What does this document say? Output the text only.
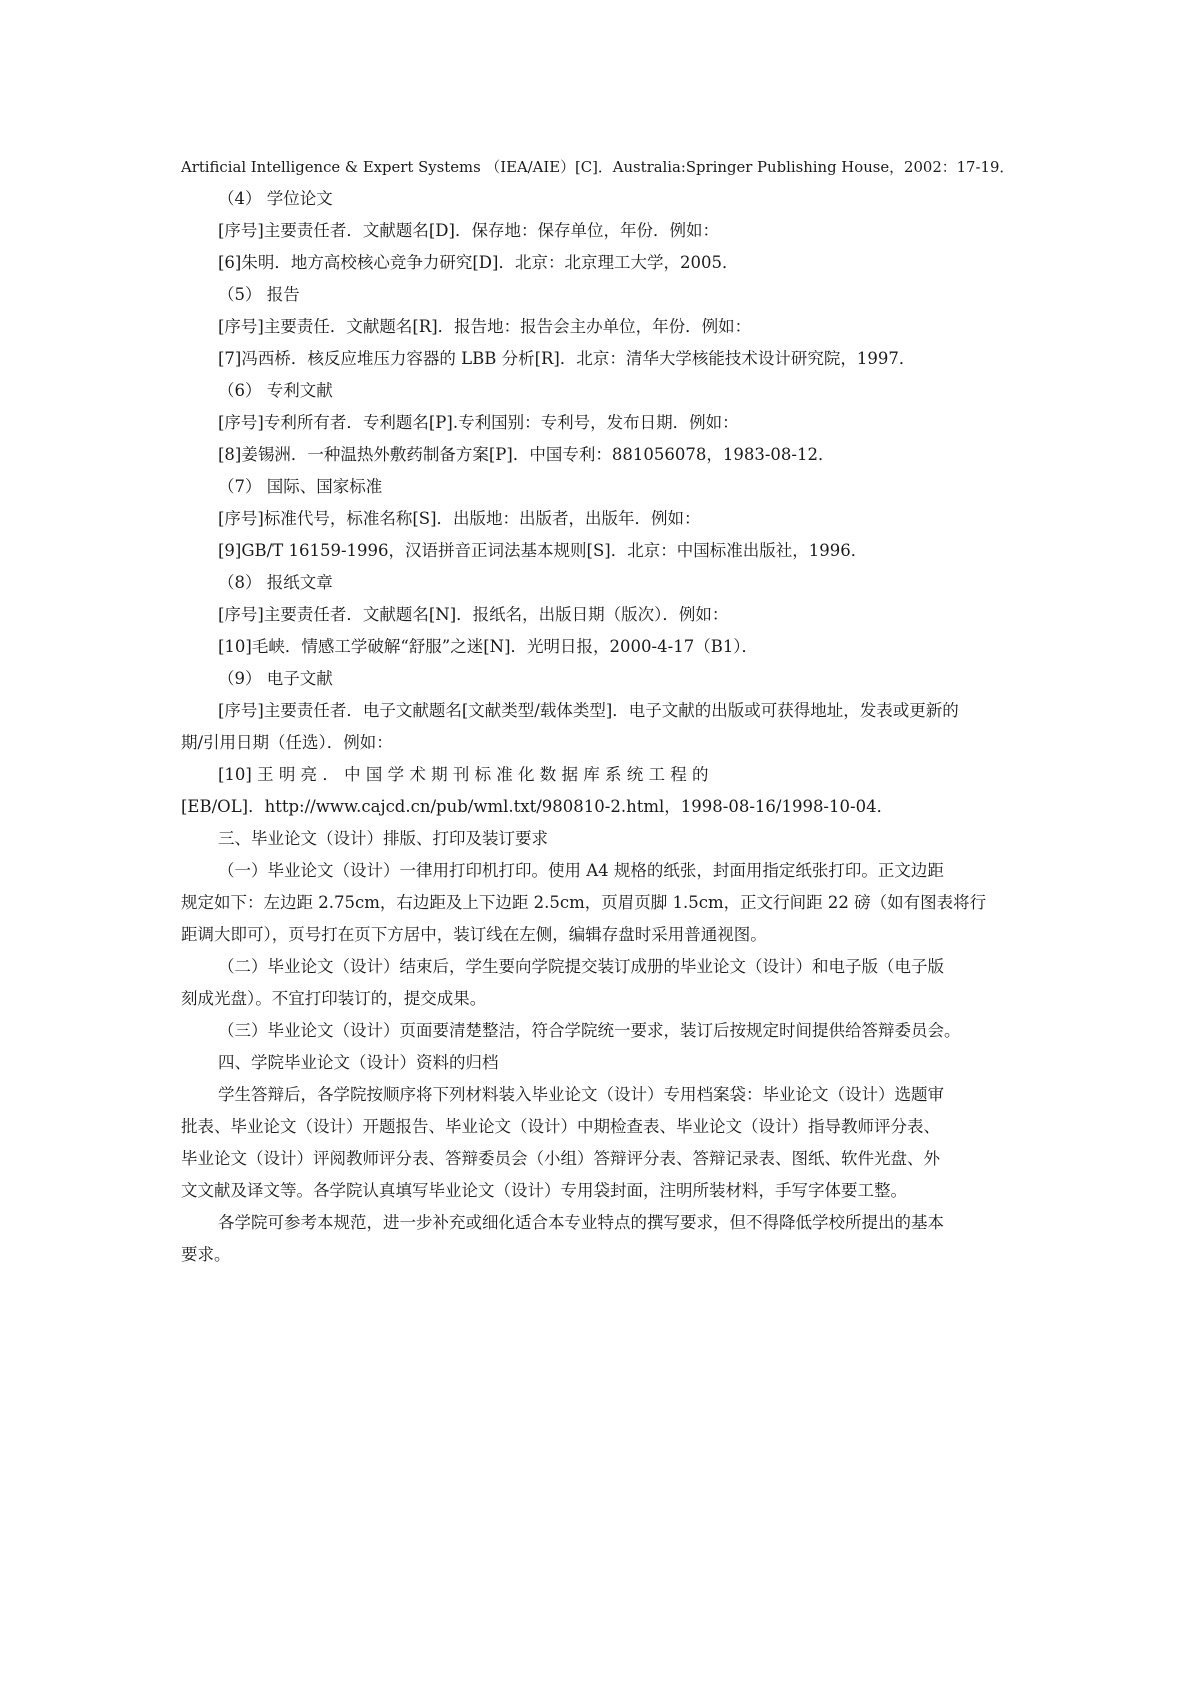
Artificial Intelligence & Expert Systems （IEA/AIE）[C]．Australia:Springer Publishing House，2002：17-19．
（4） 学位论文
[序号]主要责任者．文献题名[D]．保存地：保存单位，年份．例如：
[6]朱明．地方高校核心竞争力研究[D]．北京：北京理工大学，2005．
（5） 报告
[序号]主要责任．文献题名[R]．报告地：报告会主办单位，年份．例如：
[7]冯西桥．核反应堆压力容器的 LBB 分析[R]．北京：清华大学核能技术设计研究院，1997．
（6） 专利文献
[序号]专利所有者．专利题名[P].专利国别：专利号，发布日期．例如：
[8]姜锡洲．一种温热外敷药制备方案[P]．中国专利：881056078，1983-08-12．
（7） 国际、国家标准
[序号]标准代号，标准名称[S]．出版地：出版者，出版年．例如：
[9]GB/T 16159-1996，汉语拼音正词法基本规则[S]．北京：中国标准出版社，1996．
（8） 报纸文章
[序号]主要责任者．文献题名[N]．报纸名，出版日期（版次）．例如：
[10]毛峡．情感工学破解“舒服”之迷[N]．光明日报，2000-4-17（B1）．
（9） 电子文献
[序号]主要责任者．电子文献题名[文献类型/载体类型]．电子文献的出版或可获得地址，发表或更新的
期/引用日期（任选）．例如：
[10] 王 明 亮 ． 中 国 学 术 期 刊 标 准 化 数 据 库 系 统 工 程 的
[EB/OL]．http://www.cajcd.cn/pub/wml.txt/980810-2.html，1998-08-16/1998-10-04．
三、毕业论文（设计）排版、打印及装订要求
（一）毕业论文（设计）一律用打印机打印。使用 A4 规格的纸张，封面用指定纸张打印。正文边距
规定如下：左边距 2.75cm，右边距及上下边距 2.5cm，页眉页脚 1.5cm，正文行间距 22 磅（如有图表将行
距调大即可），页号打在页下方居中，装订线在左侧，编辑存盘时采用普通视图。
（二）毕业论文（设计）结束后，学生要向学院提交装订成册的毕业论文（设计）和电子版（电子版
刻成光盘）。不宜打印装订的，提交成果。
（三）毕业论文（设计）页面要清楚整洁，符合学院统一要求，装订后按规定时间提供给答辩委员会。
四、学院毕业论文（设计）资料的归档
学生答辩后，各学院按顺序将下列材料装入毕业论文（设计）专用档案袋：毕业论文（设计）选题审
批表、毕业论文（设计）开题报告、毕业论文（设计）中期检查表、毕业论文（设计）指导教师评分表、
毕业论文（设计）评阅教师评分表、答辩委员会（小组）答辩评分表、答辩记录表、图纸、软件光盘、外
文文献及译文等。各学院认真填写毕业论文（设计）专用袋封面，注明所装材料，手写字体要工整。
各学院可参考本规范，进一步补充或细化适合本专业特点的撰写要求，但不得降低学校所提出的基本
要求。
